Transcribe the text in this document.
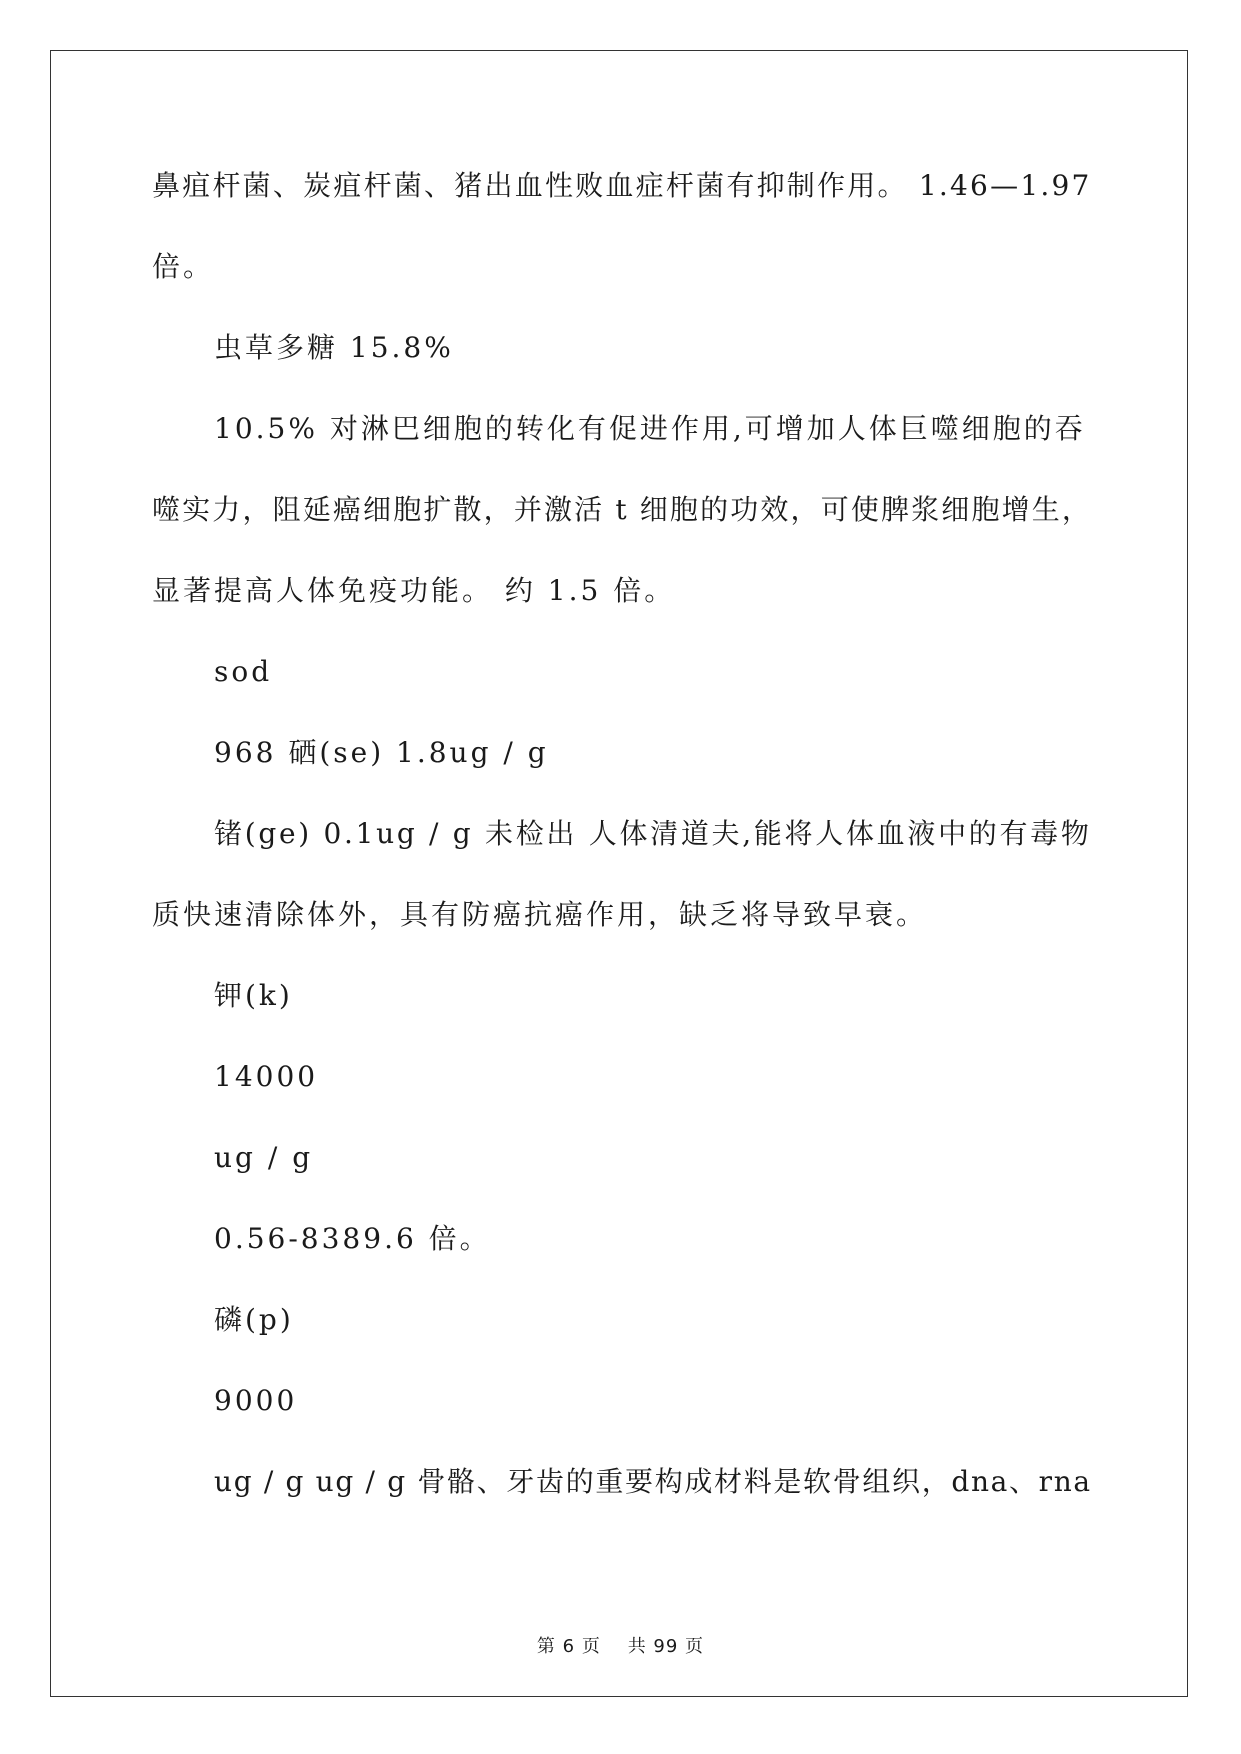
鼻疽杆菌、炭疽杆菌、猪出血性败血症杆菌有抑制作用。 1.46—1.97
倍。
虫草多糖 15.8%
10.5% 对淋巴细胞的转化有促进作用,可增加人体巨噬细胞的吞
噬实力，阻延癌细胞扩散，并激活 t 细胞的功效，可使脾浆细胞增生，
显著提高人体免疫功能。 约 1.5 倍。
sod
968 硒(se) 1.8ug / g
锗(ge) 0.1ug / g 未检出 人体清道夫,能将人体血液中的有毒物
质快速清除体外，具有防癌抗癌作用，缺乏将导致早衰。
钾(k)
14000
ug / g
0.56-8389.6 倍。
磷(p)
9000
ug / g ug / g 骨骼、牙齿的重要构成材料是软骨组织，dna、rna
第 6 页    共 99 页
